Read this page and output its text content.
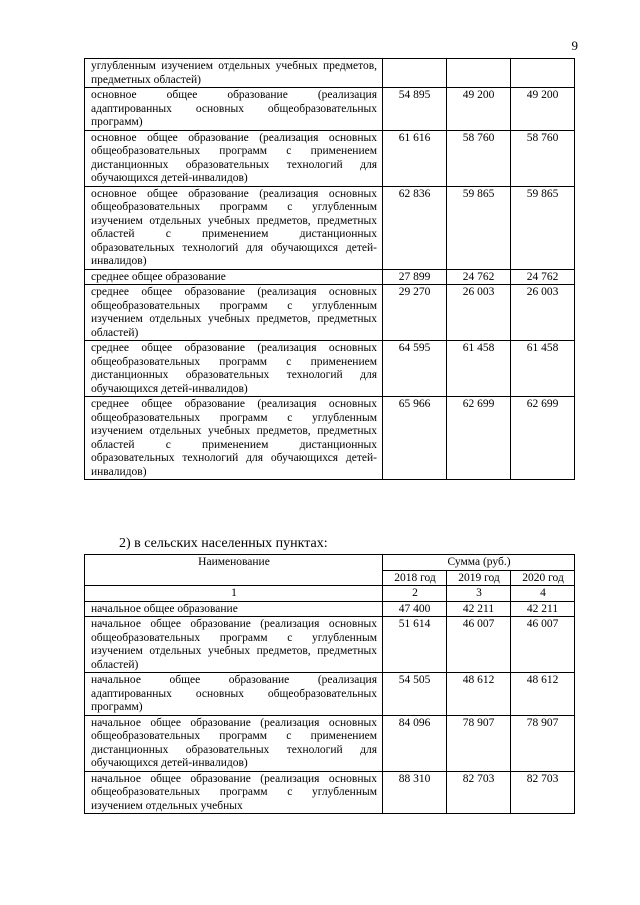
9
углубленным изучением отдельных учебных предметов, предметных областей)			
основное общее образование (реализация адаптированных основных общеобразовательных программ)	54 895	49 200	49 200
основное общее образование (реализация основных общеобразовательных программ с применением дистанционных образовательных технологий для обучающихся детей-инвалидов)	61 616	58 760	58 760
основное общее образование (реализация основных общеобразовательных программ с углубленным изучением отдельных учебных предметов, предметных областей с применением дистанционных образовательных технологий для обучающихся детей-инвалидов)	62 836	59 865	59 865
среднее общее образование	27 899	24 762	24 762
среднее общее образование (реализация основных общеобразовательных программ с углубленным изучением отдельных учебных предметов, предметных областей)	29 270	26 003	26 003
среднее общее образование (реализация основных общеобразовательных программ с применением дистанционных образовательных технологий для обучающихся детей-инвалидов)	64 595	61 458	61 458
среднее общее образование (реализация основных общеобразовательных программ с углубленным изучением отдельных учебных предметов, предметных областей с применением дистанционных образовательных технологий для обучающихся детей-инвалидов)	65 966	62 699	62 699
2) в сельских населенных пунктах:
Наименование	Сумма (руб.)		
	2018 год	2019 год	2020 год
1	2	3	4
начальное общее образование	47 400	42 211	42 211
начальное общее образование (реализация основных общеобразовательных программ с углубленным изучением отдельных учебных предметов, предметных областей)	51 614	46 007	46 007
начальное общее образование (реализация адаптированных основных общеобразовательных программ)	54 505	48 612	48 612
начальное общее образование (реализация основных общеобразовательных программ с применением дистанционных образовательных технологий для обучающихся детей-инвалидов)	84 096	78 907	78 907
начальное общее образование (реализация основных общеобразовательных программ с углубленным изучением отдельных учебных	88 310	82 703	82 703
